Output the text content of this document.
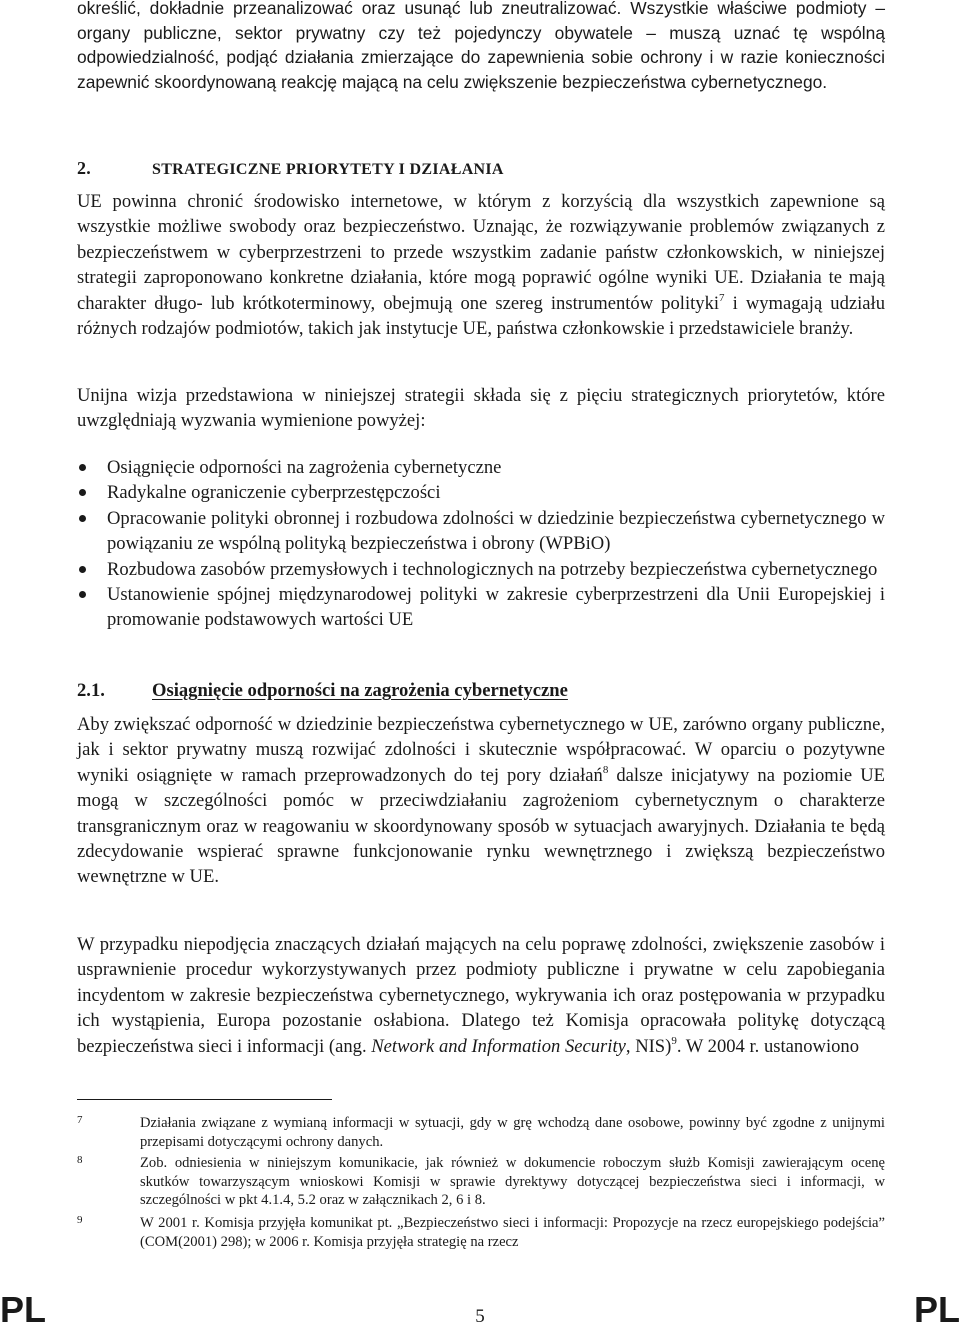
określić, dokładnie przeanalizować oraz usunąć lub zneutralizować. Wszystkie właściwe podmioty – organy publiczne, sektor prywatny czy też pojedynczy obywatele – muszą uznać tę wspólną odpowiedzialność, podjąć działania zmierzające do zapewnienia sobie ochrony i w razie konieczności zapewnić skoordynowaną reakcję mającą na celu zwiększenie bezpieczeństwa cybernetycznego.

2.	STRATEGICZNE PRIORYTETY I DZIAŁANIA

UE powinna chronić środowisko internetowe, w którym z korzyścią dla wszystkich zapewnione są wszystkie możliwe swobody oraz bezpieczeństwo. Uznając, że rozwiązywanie problemów związanych z bezpieczeństwem w cyberprzestrzeni to przede wszystkim zadanie państw członkowskich, w niniejszej strategii zaproponowano konkretne działania, które mogą poprawić ogólne wyniki UE. Działania te mają charakter długo- lub krótkoterminowy, obejmują one szereg instrumentów polityki$^7$ i wymagają udziału różnych rodzajów podmiotów, takich jak instytucje UE, państwa członkowskie i przedstawiciele branży.

Unijna wizja przedstawiona w niniejszej strategii składa się z pięciu strategicznych priorytetów, które uwzględniają wyzwania wymienione powyżej:

Osiągnięcie odporności na zagrożenia cybernetyczne
Radykalne ograniczenie cyberprzestępczości
Opracowanie polityki obronnej i rozbudowa zdolności w dziedzinie bezpieczeństwa cybernetycznego w powiązaniu ze wspólną polityką bezpieczeństwa i obrony (WPBiO)
Rozbudowa zasobów przemysłowych i technologicznych na potrzeby bezpieczeństwa cybernetycznego
Ustanowienie spójnej międzynarodowej polityki w zakresie cyberprzestrzeni dla Unii Europejskiej i promowanie podstawowych wartości UE
2.1.	Osiągnięcie odporności na zagrożenia cybernetyczne

Aby zwiększać odporność w dziedzinie bezpieczeństwa cybernetycznego w UE, zarówno organy publiczne, jak i sektor prywatny muszą rozwijać zdolności i skutecznie współpracować. W oparciu o pozytywne wyniki osiągnięte w ramach przeprowadzonych do tej pory działań$^8$ dalsze inicjatywy na poziomie UE mogą w szczególności pomóc w przeciwdziałaniu zagrożeniom cybernetycznym o charakterze transgranicznym oraz w reagowaniu w skoordynowany sposób w sytuacjach awaryjnych. Działania te będą zdecydowanie wspierać sprawne funkcjonowanie rynku wewnętrznego i zwiększą bezpieczeństwo wewnętrzne w UE.

W przypadku niepodjęcia znaczących działań mających na celu poprawę zdolności, zwiększenie zasobów i usprawnienie procedur wykorzystywanych przez podmioty publiczne i prywatne w celu zapobiegania incydentom w zakresie bezpieczeństwa cybernetycznego, wykrywania ich oraz postępowania w przypadku ich wystąpienia, Europa pozostanie osłabiona. Dlatego też Komisja opracowała politykę dotyczącą bezpieczeństwa sieci i informacji (ang. Network and Information Security, NIS)$^9$. W 2004 r. ustanowiono

7	Działania związane z wymianą informacji w sytuacji, gdy w grę wchodzą dane osobowe, powinny być zgodne z unijnymi przepisami dotyczącymi ochrony danych.
8	Zob. odniesienia w niniejszym komunikacie, jak również w dokumencie roboczym służb Komisji zawierającym ocenę skutków towarzyszącym wnioskowi Komisji w sprawie dyrektywy dotyczącej bezpieczeństwa sieci i informacji, w szczególności w pkt 4.1.4, 5.2 oraz w załącznikach 2, 6 i 8.
9	W 2001 r. Komisja przyjęła komunikat pt. „Bezpieczeństwo sieci i informacji: Propozycje na rzecz europejskiego podejścia” (COM(2001) 298); w 2006 r. Komisja przyjęła strategię na rzecz
PL	5	PL
